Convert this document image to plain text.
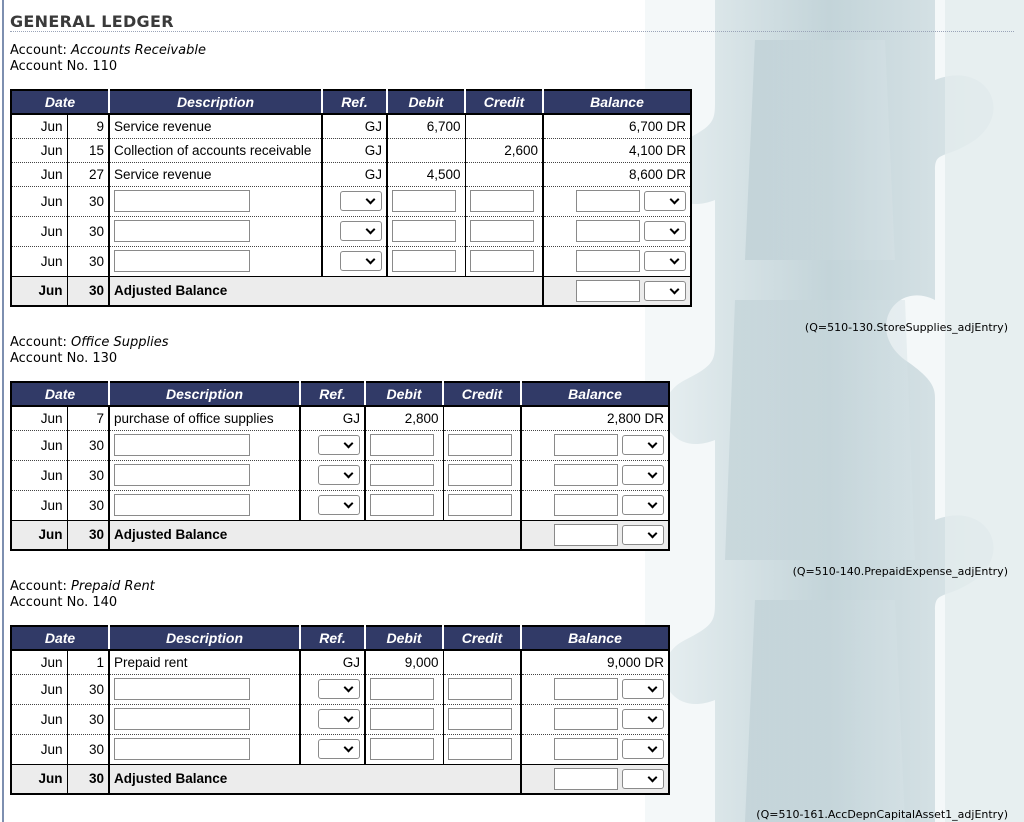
GENERAL LEDGER
Account: Accounts Receivable
Account No. 110
Date		Description	Ref.	Debit	Credit	Balance
Jun	9	Service revenue	GJ	6,700		6,700 DR
Jun	15	Collection of accounts receivable	GJ		2,600	4,100 DR
Jun	27	Service revenue	GJ	4,500		8,600 DR
Jun	30		

Jun	30		

Jun	30		

Jun	30	Adjusted Balance				
(Q=510-130.StoreSupplies_adjEntry)
Account: Office Supplies
Account No. 130
Date		Description	Ref.	Debit	Credit	Balance
Jun	7	purchase of office supplies	GJ	2,800		2,800 DR
Jun	30		

Jun	30		

Jun	30		

Jun	30	Adjusted Balance				
(Q=510-140.PrepaidExpense_adjEntry)
Account: Prepaid Rent
Account No. 140
Date		Description	Ref.	Debit	Credit	Balance
Jun	1	Prepaid rent	GJ	9,000		9,000 DR
Jun	30		

Jun	30		

Jun	30		

Jun	30	Adjusted Balance				
(Q=510-161.AccDepnCapitalAsset1_adjEntry)
